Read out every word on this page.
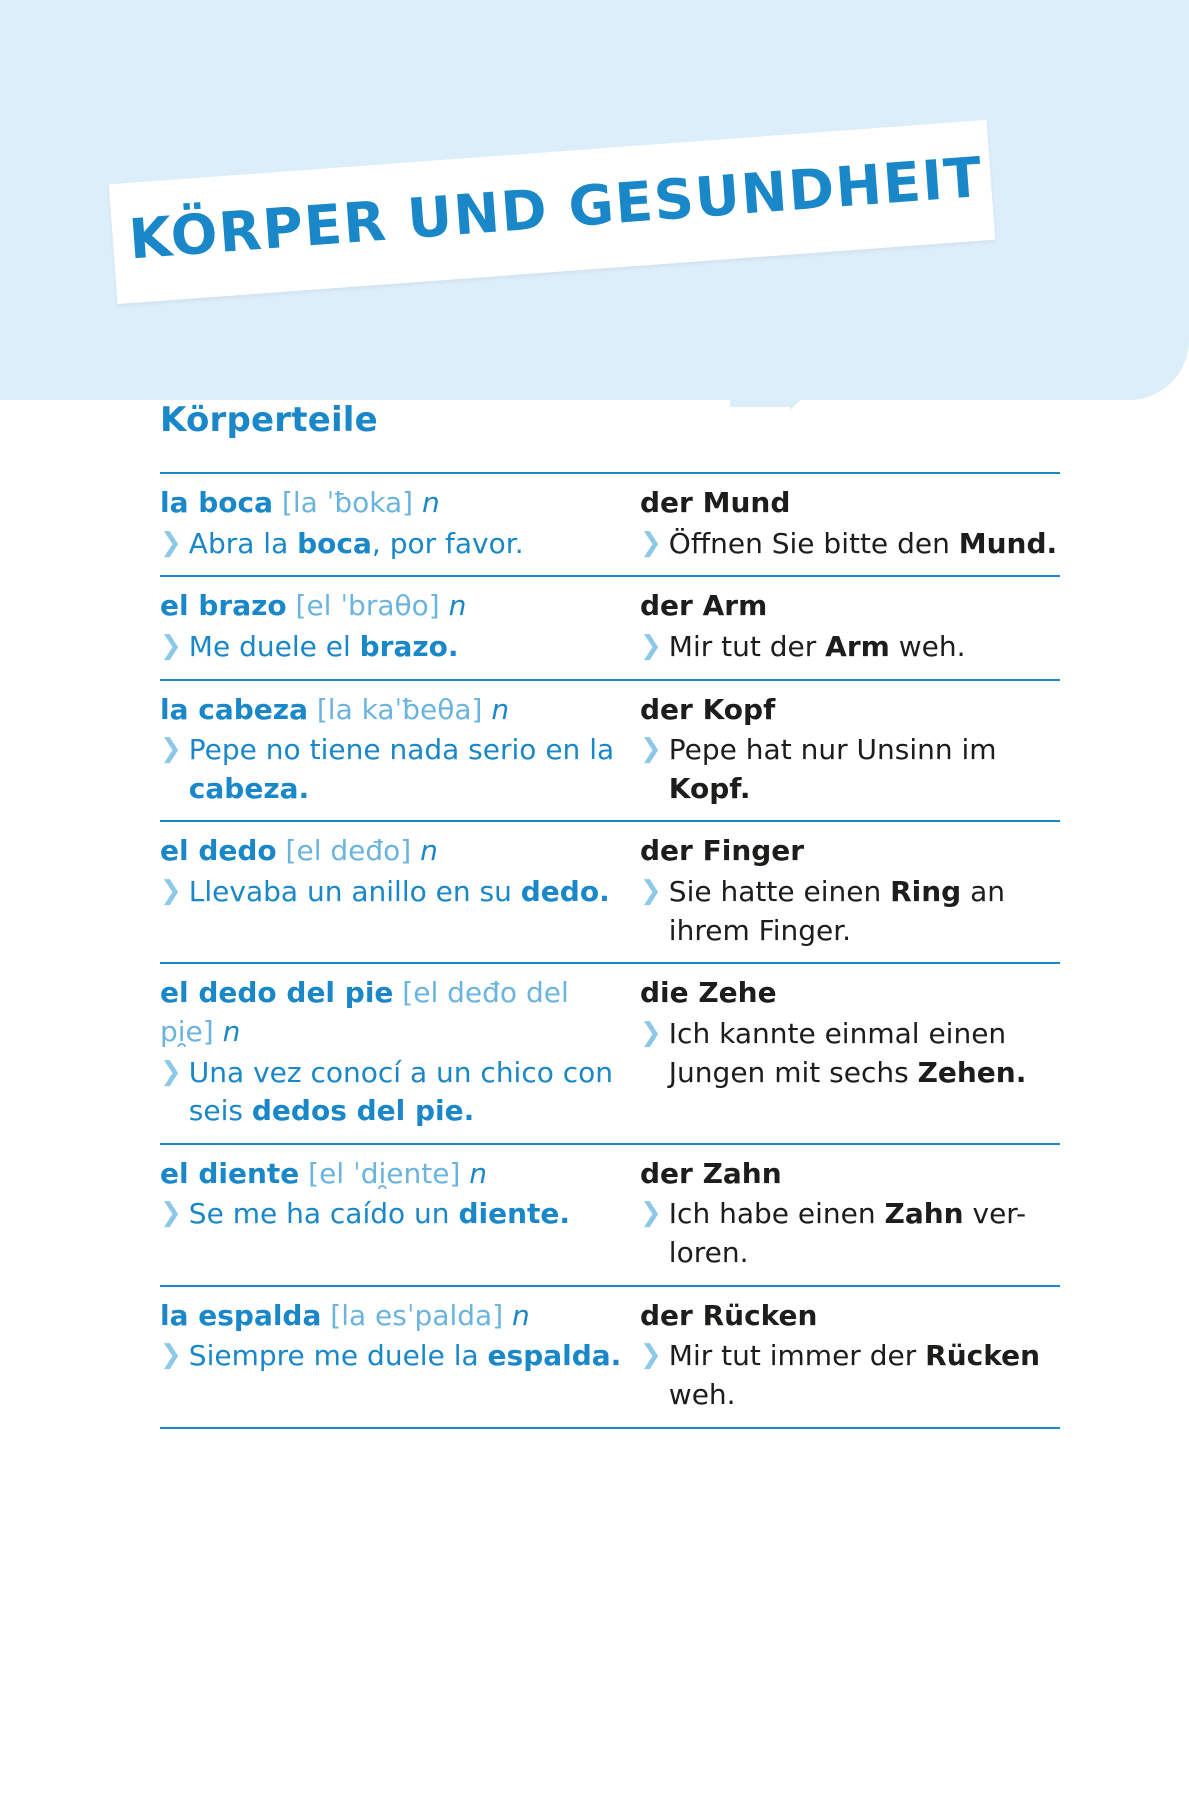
KÖRPER UND GESUNDHEIT
Körperteile
la boca [la ˈƀoka] n
❯ Abra la boca, por favor.
der Mund
❯ Öffnen Sie bitte den Mund.
el brazo [el ˈbraθo] n
❯ Me duele el brazo.
der Arm
❯ Mir tut der Arm weh.
la cabeza [la kaˈƀeθa] n
❯ Pepe no tiene nada serio en la cabeza.
der Kopf
❯ Pepe hat nur Unsinn im Kopf.
el dedo [el deđo] n
❯ Llevaba un anillo en su dedo.
der Finger
❯ Sie hatte einen Ring an ihrem Finger.
el dedo del pie [el deđo del pi̯e] n
❯ Una vez conocí a un chico con seis dedos del pie.
die Zehe
❯ Ich kannte einmal einen Jungen mit sechs Zehen.
el diente [el ˈdi̯ente] n
❯ Se me ha caído un diente.
der Zahn
❯ Ich habe einen Zahn ver-loren.
la espalda [la esˈpalda] n
❯ Siempre me duele la espalda.
der Rücken
❯ Mir tut immer der Rücken weh.
